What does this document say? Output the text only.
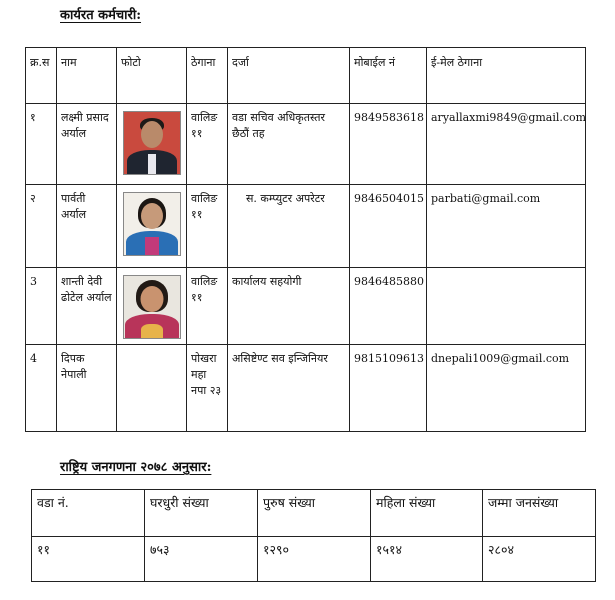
कार्यरत कर्मचारी:
क्र.स	नाम	फोटो	ठेगाना	दर्जा	मोबाईल नं	ई-मेल ठेगाना
१	लक्ष्मी प्रसाद अर्याल		वालिङ ११	वडा सचिव अधिकृतस्तर छैठौं तह	9849583618	aryallaxmi9849@gmail.com
२	पार्वती अर्याल		वालिङ ११	स. कम्प्युटर अपरेटर	9846504015	parbati@gmail.com
3	शान्ती देवी ढोटेल अर्याल		वालिङ ११	कार्यालय सहयोगी	9846485880	
4	दिपक नेपाली		पोखरा महा नपा २३	असिष्टेण्ट सव इन्जिनियर	9815109613	dnepali1009@gmail.com
राष्ट्रिय जनगणना २०७८ अनुसार:
वडा नं.	घरधुरी संख्या	पुरुष संख्या	महिला संख्या	जम्मा जनसंख्या
११	७५३	१२९०	१५१४	२८०४
